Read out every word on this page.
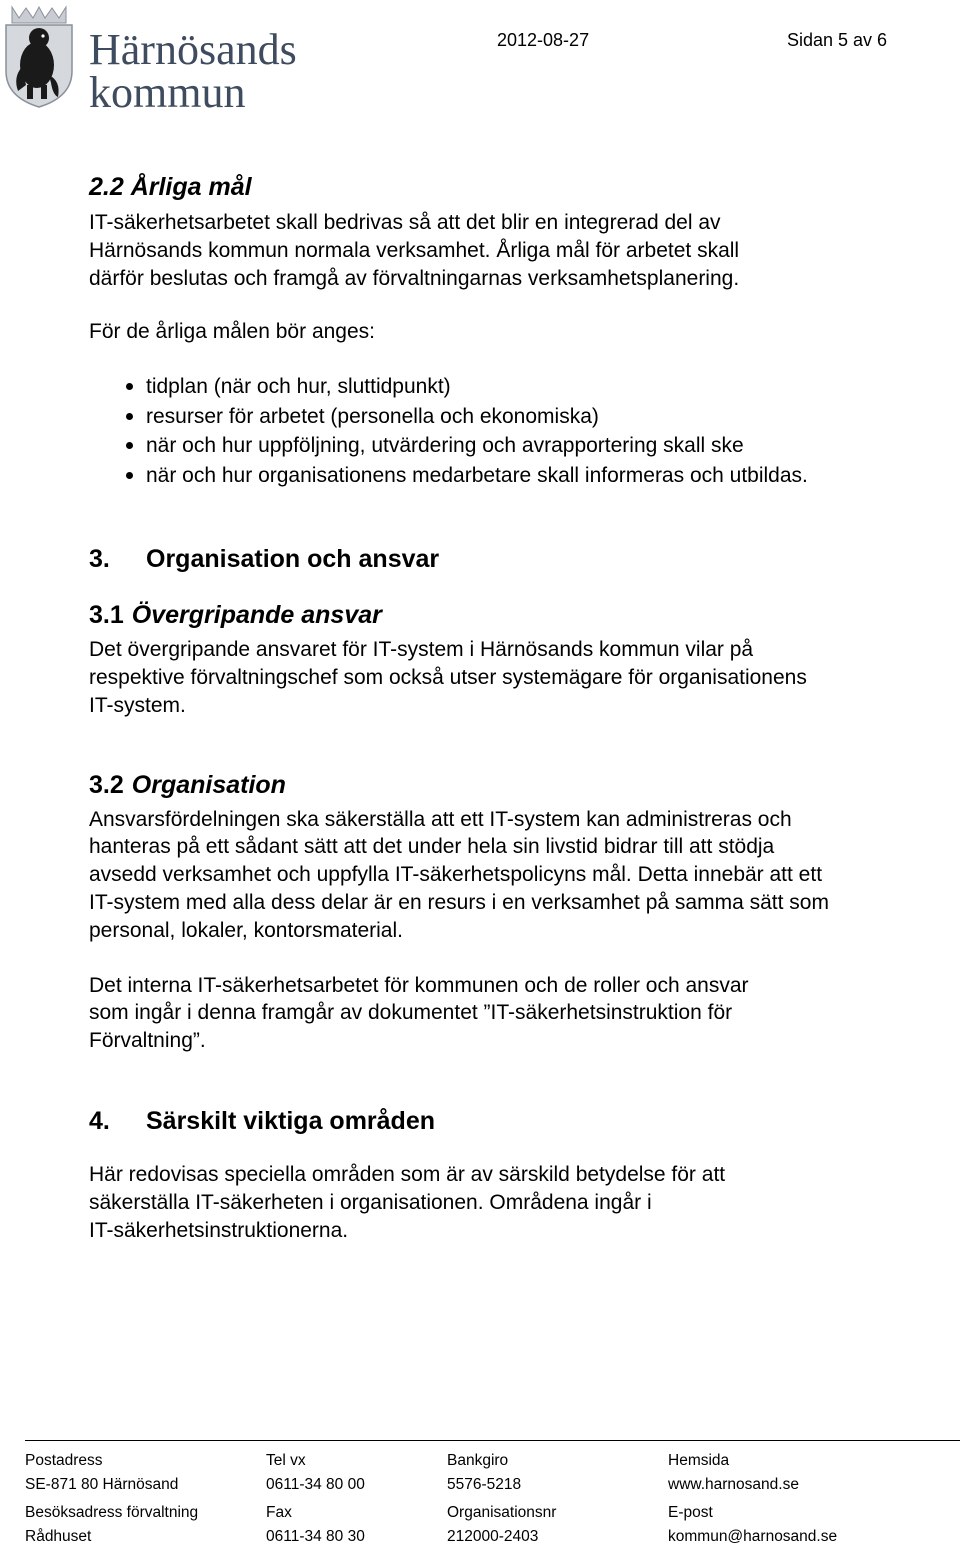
Härnösands
kommun
2012-08-27	Sidan 5 av 6
2.2 Årliga mål

IT-säkerhetsarbetet skall bedrivas så att det blir en integrerad del av
Härnösands kommun normala verksamhet. Årliga mål för arbetet skall
därför beslutas och framgå av förvaltningarnas verksamhetsplanering.

För de årliga målen bör anges:

tidplan (när och hur, sluttidpunkt)
resurser för arbetet (personella och ekonomiska)
när och hur uppföljning, utvärdering och avrapportering skall ske
när och hur organisationens medarbetare skall informeras och utbildas.
3. Organisation och ansvar
3.1 Övergripande ansvar

Det övergripande ansvaret för IT-system i Härnösands kommun vilar på
respektive förvaltningschef som också utser systemägare för organisationens
IT-system.

3.2 Organisation

Ansvarsfördelningen ska säkerställa att ett IT-system kan administreras och
hanteras på ett sådant sätt att det under hela sin livstid bidrar till att stödja
avsedd verksamhet och uppfylla IT-säkerhetspolicyns mål. Detta innebär att ett
IT-system med alla dess delar är en resurs i en verksamhet på samma sätt som
personal, lokaler, kontorsmaterial.

Det interna IT-säkerhetsarbetet för kommunen och de roller och ansvar
som ingår i denna framgår av dokumentet ”IT-säkerhetsinstruktion för
Förvaltning”.

4. Särskilt viktiga områden

Här redovisas speciella områden som är av särskild betydelse för att
säkerställa IT-säkerheten i organisationen. Områdena ingår i
IT-säkerhetsinstruktionerna.

Postadress
SE-871 80 Härnösand
Besöksadress förvaltning
Rådhuset
Tel vx
0611-34 80 00
Fax
0611-34 80 30
Bankgiro
5576-5218
Organisationsnr
212000-2403
Hemsida
www.harnosand.se
E-post
kommun@harnosand.se
